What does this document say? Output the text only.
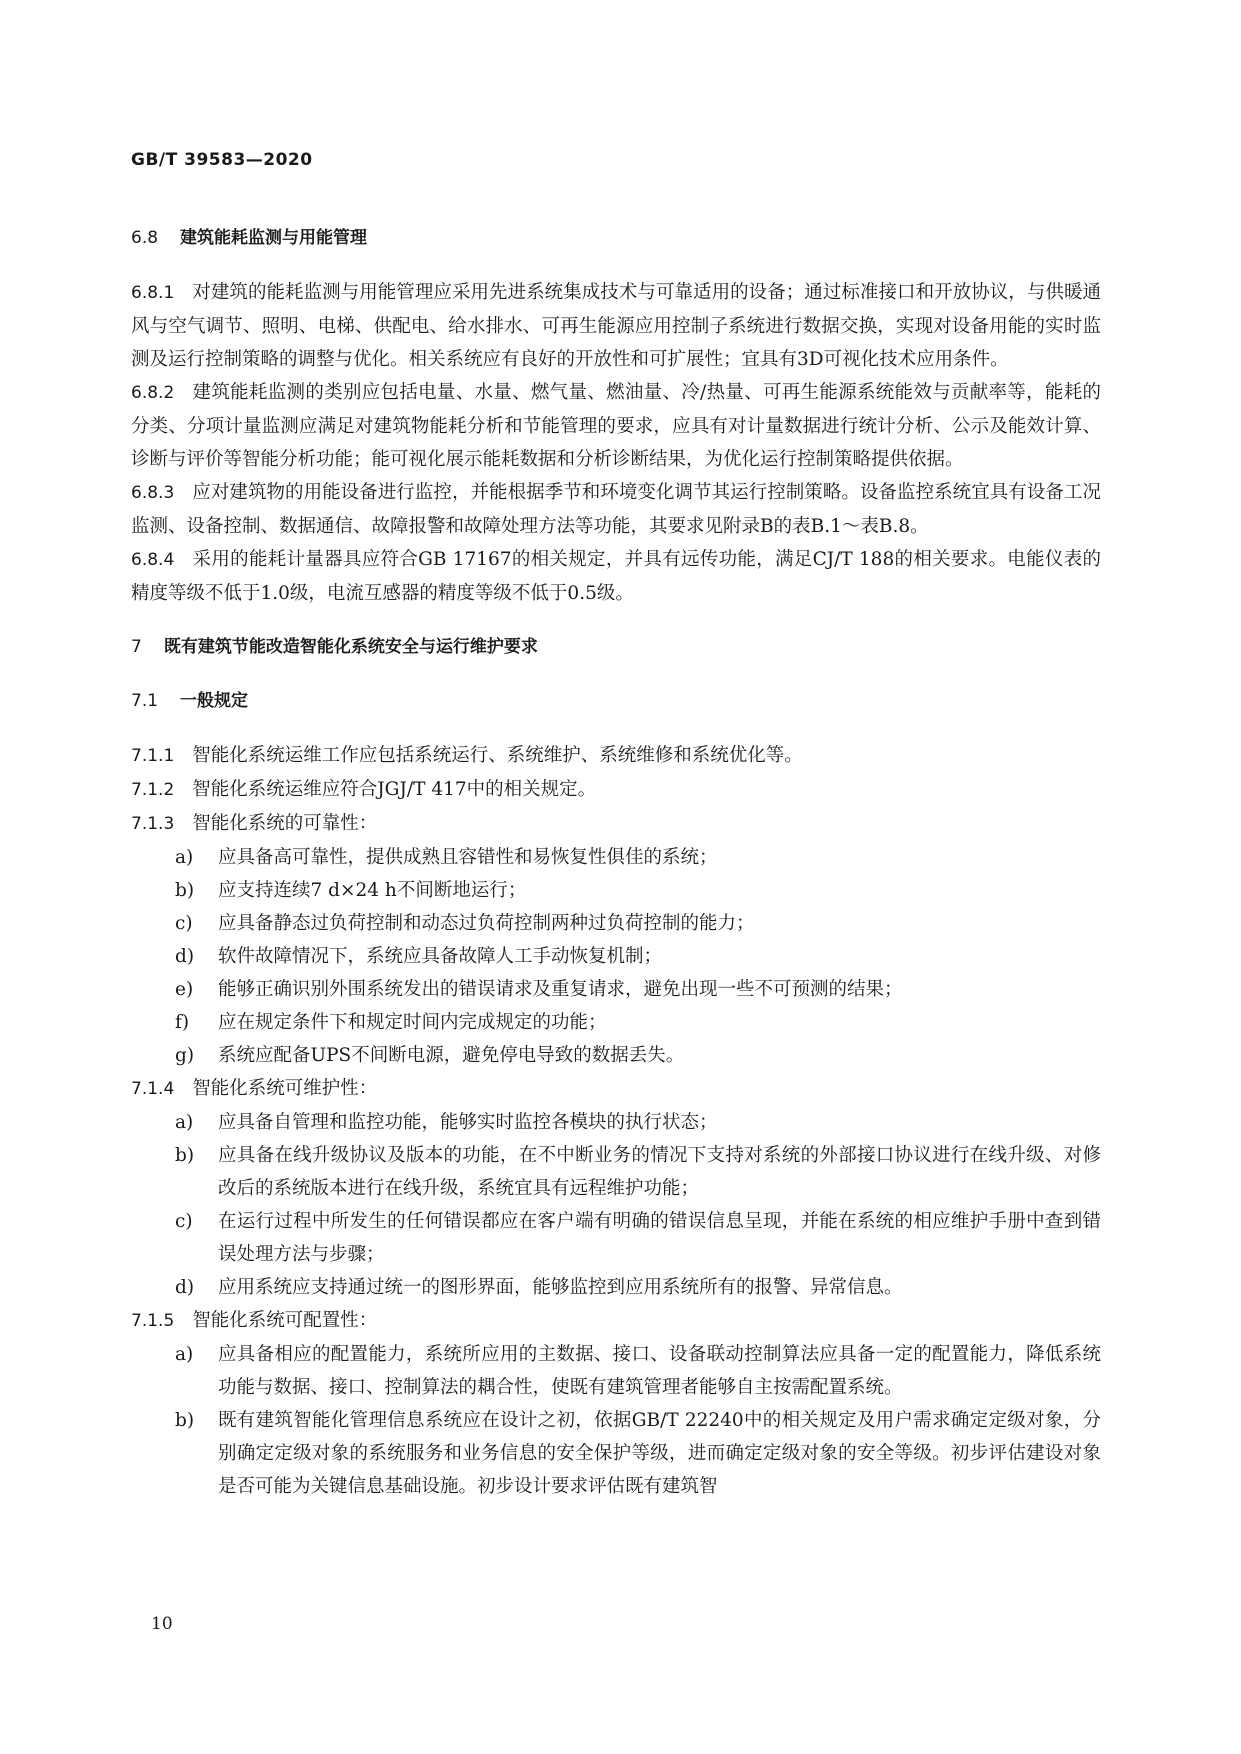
GB/T 39583—2020
6.8 建筑能耗监测与用能管理

6.8.1 对建筑的能耗监测与用能管理应采用先进系统集成技术与可靠适用的设备；通过标准接口和开放协议，与供暖通风与空气调节、照明、电梯、供配电、给水排水、可再生能源应用控制子系统进行数据交换，实现对设备用能的实时监测及运行控制策略的调整与优化。相关系统应有良好的开放性和可扩展性；宜具有3D可视化技术应用条件。

6.8.2 建筑能耗监测的类别应包括电量、水量、燃气量、燃油量、冷/热量、可再生能源系统能效与贡献率等，能耗的分类、分项计量监测应满足对建筑物能耗分析和节能管理的要求，应具有对计量数据进行统计分析、公示及能效计算、诊断与评价等智能分析功能；能可视化展示能耗数据和分析诊断结果，为优化运行控制策略提供依据。

6.8.3 应对建筑物的用能设备进行监控，并能根据季节和环境变化调节其运行控制策略。设备监控系统宜具有设备工况监测、设备控制、数据通信、故障报警和故障处理方法等功能，其要求见附录B的表B.1～表B.8。

6.8.4 采用的能耗计量器具应符合GB 17167的相关规定，并具有远传功能，满足CJ/T 188的相关要求。电能仪表的精度等级不低于1.0级，电流互感器的精度等级不低于0.5级。

7 既有建筑节能改造智能化系统安全与运行维护要求
7.1 一般规定

7.1.1 智能化系统运维工作应包括系统运行、系统维护、系统维修和系统优化等。

7.1.2 智能化系统运维应符合JGJ/T 417中的相关规定。

7.1.3 智能化系统的可靠性：

a) 应具备高可靠性，提供成熟且容错性和易恢复性俱佳的系统；
b) 应支持连续7 d×24 h不间断地运行；
c) 应具备静态过负荷控制和动态过负荷控制两种过负荷控制的能力；
d) 软件故障情况下，系统应具备故障人工手动恢复机制；
e) 能够正确识别外围系统发出的错误请求及重复请求，避免出现一些不可预测的结果；
f) 应在规定条件下和规定时间内完成规定的功能；
g) 系统应配备UPS不间断电源，避免停电导致的数据丢失。

7.1.4 智能化系统可维护性：

a) 应具备自管理和监控功能，能够实时监控各模块的执行状态；
b) 应具备在线升级协议及版本的功能，在不中断业务的情况下支持对系统的外部接口协议进行在线升级、对修改后的系统版本进行在线升级，系统宜具有远程维护功能；
c) 在运行过程中所发生的任何错误都应在客户端有明确的错误信息呈现，并能在系统的相应维护手册中查到错误处理方法与步骤；
d) 应用系统应支持通过统一的图形界面，能够监控到应用系统所有的报警、异常信息。

7.1.5 智能化系统可配置性：

a) 应具备相应的配置能力，系统所应用的主数据、接口、设备联动控制算法应具备一定的配置能力，降低系统功能与数据、接口、控制算法的耦合性，使既有建筑管理者能够自主按需配置系统。
b) 既有建筑智能化管理信息系统应在设计之初，依据GB/T 22240中的相关规定及用户需求确定定级对象，分别确定定级对象的系统服务和业务信息的安全保护等级，进而确定定级对象的安全等级。初步评估建设对象是否可能为关键信息基础设施。初步设计要求评估既有建筑智
10
